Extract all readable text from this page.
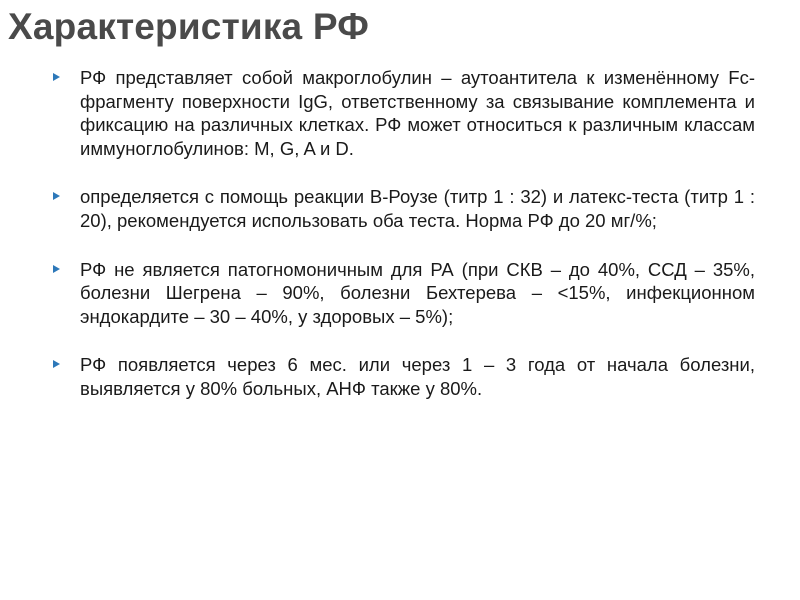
Характеристика РФ
РФ представляет собой макроглобулин – аутоантитела к изменённому Fc-фрагменту поверхности IgG, ответственному за связывание комплемента и фиксацию на различных клетках. РФ может относиться к различным классам иммуноглобулинов: M, G, A и D.
определяется с помощь реакции В-Роузе (титр 1 : 32) и латекс-теста (титр 1 : 20), рекомендуется использовать оба теста. Норма РФ до 20 мг/%;
РФ не является патогномоничным для РА (при СКВ – до 40%, ССД – 35%, болезни Шегрена – 90%, болезни Бехтерева – <15%, инфекционном эндокардите – 30 – 40%, у здоровых – 5%);
РФ появляется через 6 мес. или через 1 – 3 года от начала болезни, выявляется у 80% больных, АНФ также у 80%.
